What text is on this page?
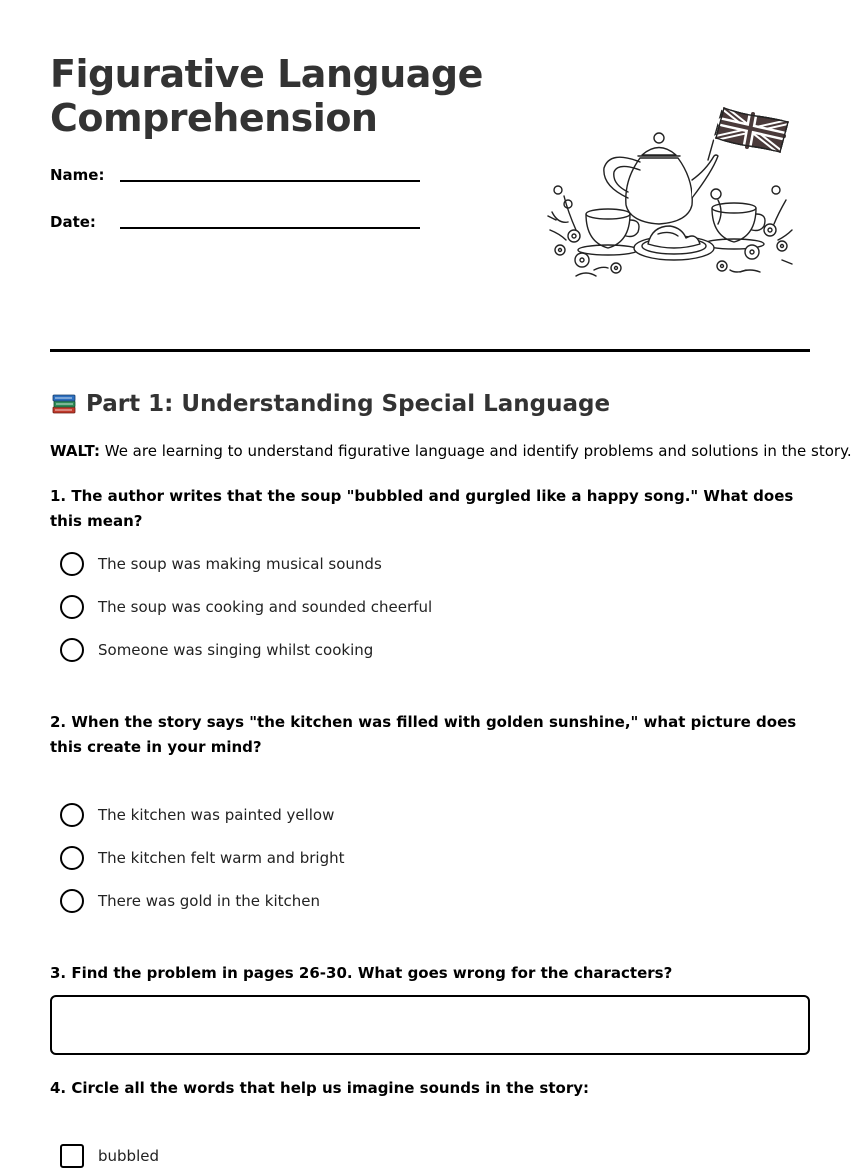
Figurative Language
Comprehension
Name:
Date:
Part 1: Understanding Special Language
WALT: We are learning to understand figurative language and identify problems and solutions in the story.
1. The author writes that the soup "bubbled and gurgled like a happy song." What does this mean?
The soup was making musical sounds
The soup was cooking and sounded cheerful
Someone was singing whilst cooking
2. When the story says "the kitchen was filled with golden sunshine," what picture does this create in your mind?
The kitchen was painted yellow
The kitchen felt warm and bright
There was gold in the kitchen
3. Find the problem in pages 26-30. What goes wrong for the characters?
4. Circle all the words that help us imagine sounds in the story:
bubbled
